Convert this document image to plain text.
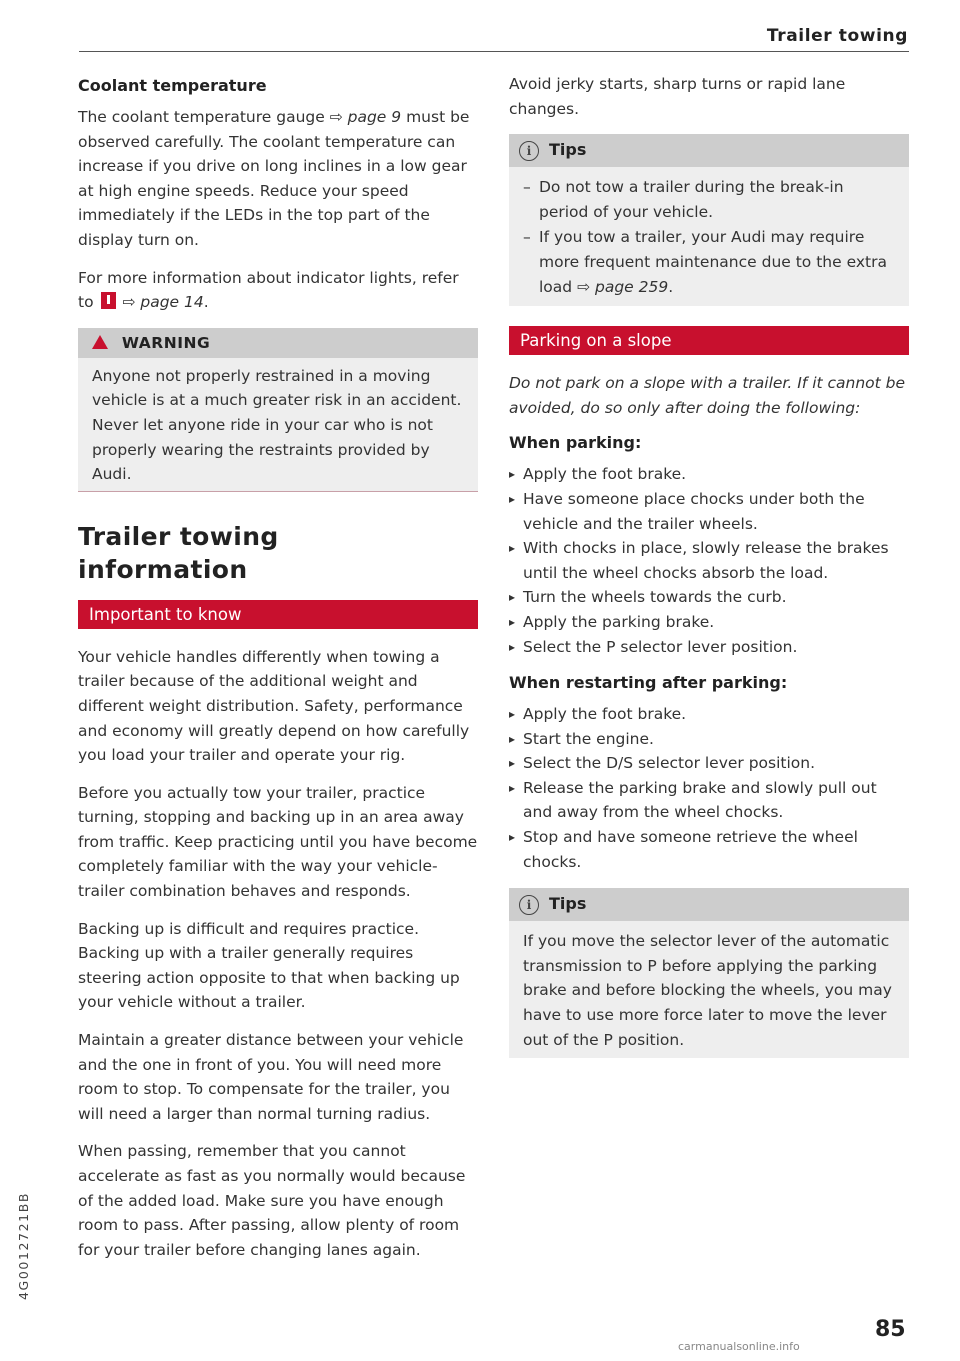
Trailer towing
Coolant temperature

The coolant temperature gauge ⇨ page 9 must be observed carefully. The coolant temperature can increase if you drive on long inclines in a low gear at high engine speeds. Reduce your speed immediately if the LEDs in the top part of the display turn on.

For more information about indicator lights, refer to ⇨ page 14.

WARNING

Anyone not properly restrained in a moving vehicle is at a much greater risk in an accident. Never let anyone ride in your car who is not properly wearing the restraints provided by Audi.

Trailer towing
information
Important to know

Your vehicle handles differently when towing a trailer because of the additional weight and different weight distribution. Safety, performance and economy will greatly depend on how carefully you load your trailer and operate your rig.

Before you actually tow your trailer, practice turning, stopping and backing up in an area away from traffic. Keep practicing until you have become completely familiar with the way your vehicle-trailer combination behaves and responds.

Backing up is difficult and requires practice. Backing up with a trailer generally requires steering action opposite to that when backing up your vehicle without a trailer.

Maintain a greater distance between your vehicle and the one in front of you. You will need more room to stop. To compensate for the trailer, you will need a larger than normal turning radius.

When passing, remember that you cannot accelerate as fast as you normally would because of the added load. Make sure you have enough room to pass. After passing, allow plenty of room for your trailer before changing lanes again.

Avoid jerky starts, sharp turns or rapid lane changes.

i Tips
– Do not tow a trailer during the break-in period of your vehicle.
– If you tow a trailer, your Audi may require more frequent maintenance due to the extra load ⇨ page 259.
Parking on a slope

Do not park on a slope with a trailer. If it cannot be avoided, do so only after doing the following:

When parking:
▸ Apply the foot brake.
▸ Have someone place chocks under both the vehicle and the trailer wheels.
▸ With chocks in place, slowly release the brakes until the wheel chocks absorb the load.
▸ Turn the wheels towards the curb.
▸ Apply the parking brake.
▸ Select the P selector lever position.
When restarting after parking:
▸ Apply the foot brake.
▸ Start the engine.
▸ Select the D/S selector lever position.
▸ Release the parking brake and slowly pull out and away from the wheel chocks.
▸ Stop and have someone retrieve the wheel chocks.
i Tips

If you move the selector lever of the automatic transmission to P before applying the parking brake and before blocking the wheels, you may have to use more force later to move the lever out of the P position.

4G0012721BB
85
carmanualsonline.info
